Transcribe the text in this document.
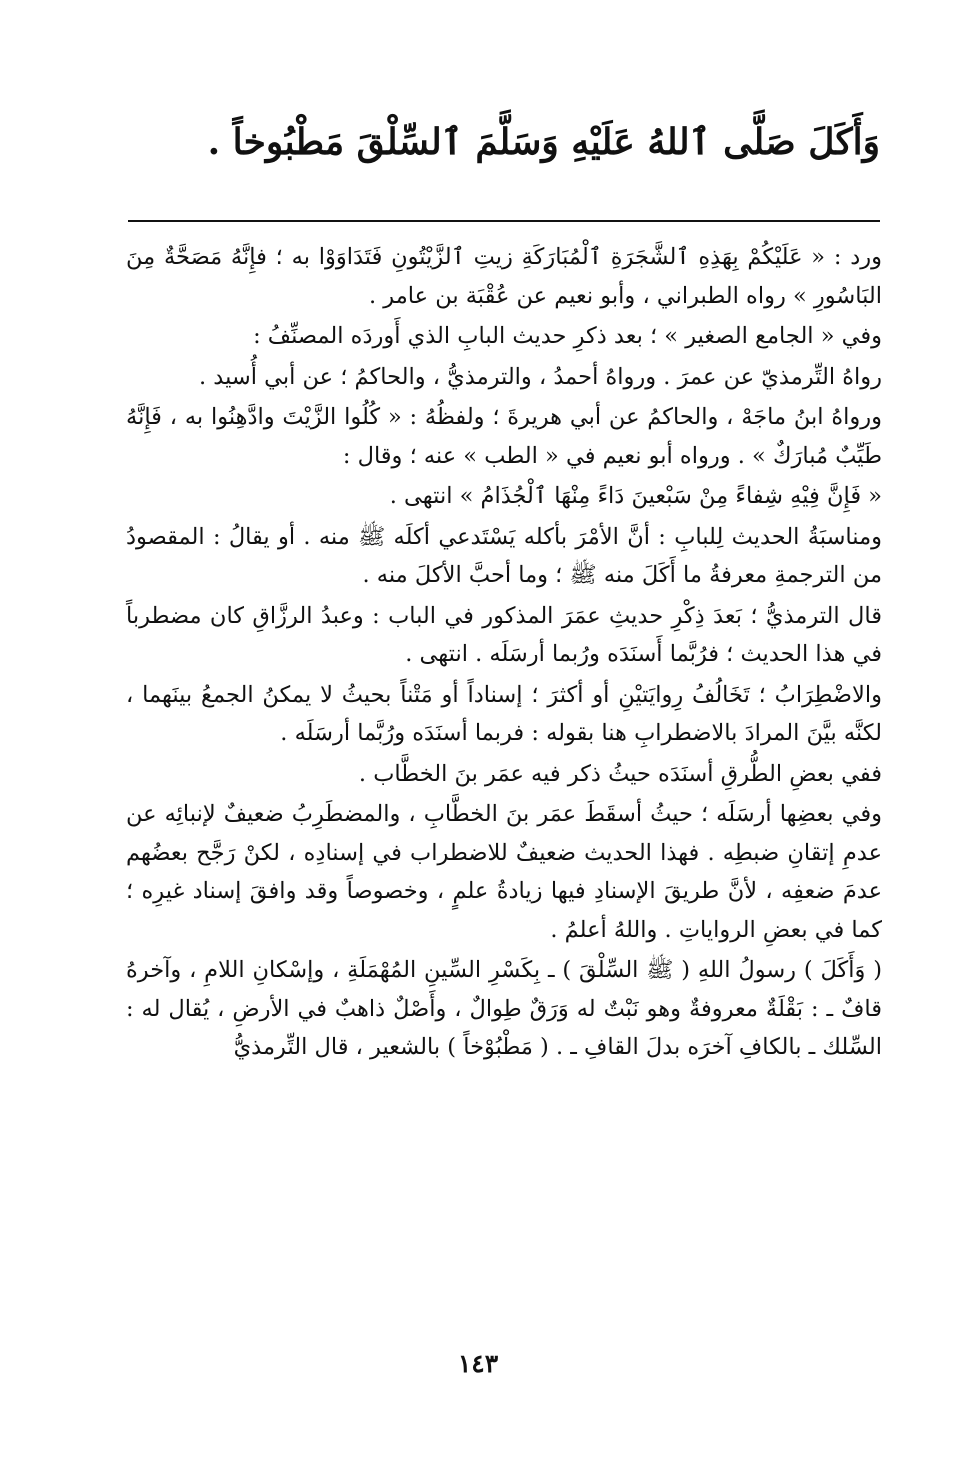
وَأَكَلَ صَلَّى ٱللهُ عَلَيْهِ وَسَلَّمَ ٱلسِّلْقَ مَطْبُوخاً .

ورد : « عَلَيْكُمْ بِهَذِهِ ٱلشَّجَرَةِ ٱلْمُبَارَكَةِ زيتِ ٱلزَّيْتُونِ فَتَدَاوَوْا به ؛ فإِنَّهُ مَصَحَّةٌ مِنَ البَاسُورِ » رواه الطبراني ، وأبو نعيم عن عُقْبَة بن عامر .

وفي « الجامع الصغير » ؛ بعد ذكرِ حديث البابِ الذي أَوردَه المصنِّفُ :

رواهُ التِّرمذيّ عن عمرَ . ورواهُ أحمدُ ، والترمذيُّ ، والحاكمُ ؛ عن أبي أُسيد .

ورواهُ ابنُ ماجَهْ ، والحاكمُ عن أبي هريرةَ ؛ ولفظُهُ : « كُلُوا الزَّيْتَ وادَّهِنُوا به ، فَإِنَّهُ طَيِّبٌ مُبارَكٌ » . ورواه أبو نعيم في « الطب » عنه ؛ وقال :

« فَإِنَّ فِيْهِ شِفاءً مِنْ سَبْعينَ دَاءً مِنْهَا ٱلْجُذَامُ » انتهى .

ومناسبَةُ الحديث لِلبابِ : أنَّ الأمْرَ بأكله يَسْتَدعي أكلَه ﷺ منه . أو يقالُ : المقصودُ من الترجمةِ معرفةُ ما أَكَلَ منه ﷺ ؛ وما أحبَّ الأكلَ منه .

قال الترمذيُّ ؛ بَعدَ ذِكْرِ حديثِ عمَرَ المذكور في الباب : وعبدُ الرزَّاقِ كان مضطرباً في هذا الحديث ؛ فرُبَّما أَسنَدَه ورُبما أرسَلَه . انتهى .

والاضْطِرَابُ ؛ تَخَالُفُ رِوايَتيْنِ أو أكثرَ ؛ إسناداً أو مَتْناً بحيثُ لا يمكنُ الجمعُ بينَهما ، لكنَّه بيَّنَ المرادَ بالاضطرابِ هنا بقوله : فربما أسنَدَه ورُبَّما أرسَلَه .

ففي بعضِ الطُّرقِ أسنَدَه حيثُ ذكر فيه عمَر بنَ الخطَّاب .

وفي بعضِها أرسَلَه ؛ حيثُ أسقَطَ عمَر بنَ الخطَّابِ ، والمضطَرِبُ ضعيفٌ لإنبائِه عن عدمِ إتقانِ ضبطِه . فهذا الحديث ضعيفٌ للاضطراب في إسنادِه ، لكنْ رَجَّح بعضُهم عدمَ ضعفِه ، لأنَّ طريقَ الإسنادِ فيها زيادةُ علمٍ ، وخصوصاً وقد وافقَ إسناد غيرِه ؛ كما في بعضِ الرواياتِ . واللهُ أعلمُ .

( وَأَكَلَ ) رسولُ اللهِ ( ﷺ السِّلْقَ ) ـ بِكَسْرِ السِّينِ المُهْمَلَةِ ، وإسْكانِ اللامِ ، وآخرهُ قافٌ ـ : بَقْلَةٌ معروفةٌ وهو نَبْتٌ له وَرَقٌ طِوالٌ ، وأَصْلٌ ذاهبٌ في الأرضِ ، يُقال له : السِّلك ـ بالكافِ آخرَه بدلَ القافِ ـ . ( مَطْبُوْخاً ) بالشعير ، قال التِّرمذيُّ

١٤٣
